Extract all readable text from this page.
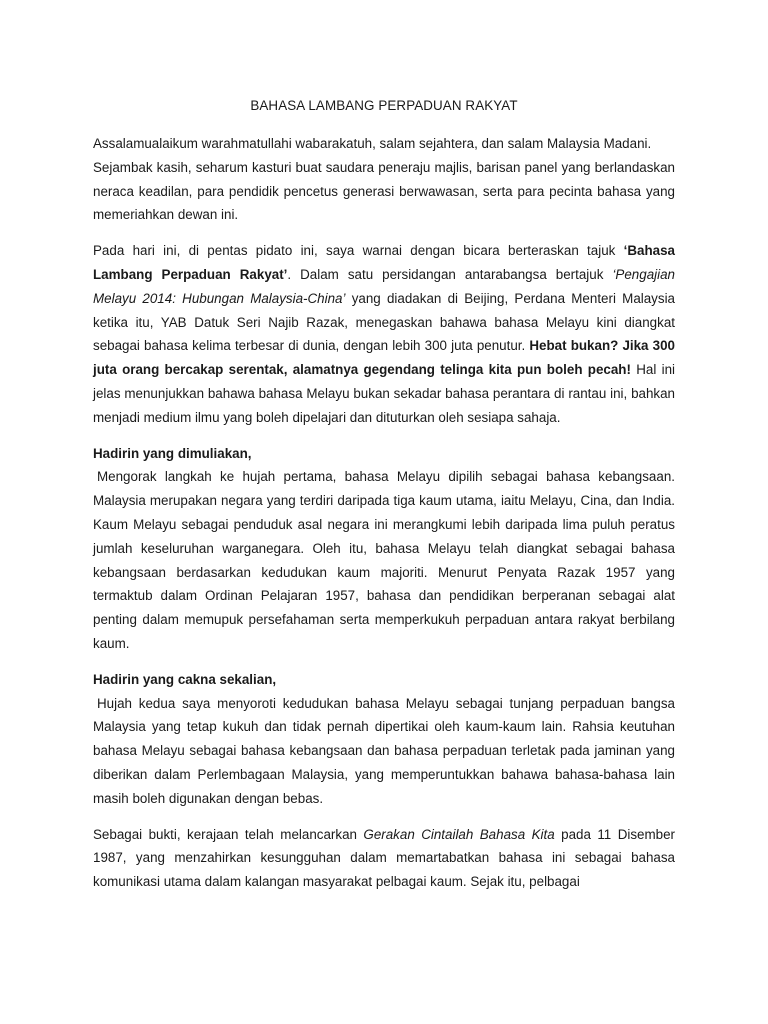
BAHASA LAMBANG PERPADUAN RAKYAT

Assalamualaikum warahmatullahi wabarakatuh, salam sejahtera, dan salam Malaysia Madani.

Sejambak kasih, seharum kasturi buat saudara peneraju majlis, barisan panel yang berlandaskan neraca keadilan, para pendidik pencetus generasi berwawasan, serta para pecinta bahasa yang memeriahkan dewan ini.

Pada hari ini, di pentas pidato ini, saya warnai dengan bicara berteraskan tajuk ‘Bahasa Lambang Perpaduan Rakyat’. Dalam satu persidangan antarabangsa bertajuk ‘Pengajian Melayu 2014: Hubungan Malaysia-China’ yang diadakan di Beijing, Perdana Menteri Malaysia ketika itu, YAB Datuk Seri Najib Razak, menegaskan bahawa bahasa Melayu kini diangkat sebagai bahasa kelima terbesar di dunia, dengan lebih 300 juta penutur. Hebat bukan? Jika 300 juta orang bercakap serentak, alamatnya gegendang telinga kita pun boleh pecah! Hal ini jelas menunjukkan bahawa bahasa Melayu bukan sekadar bahasa perantara di rantau ini, bahkan menjadi medium ilmu yang boleh dipelajari dan dituturkan oleh sesiapa sahaja.

Hadirin yang dimuliakan,

Mengorak langkah ke hujah pertama, bahasa Melayu dipilih sebagai bahasa kebangsaan. Malaysia merupakan negara yang terdiri daripada tiga kaum utama, iaitu Melayu, Cina, dan India. Kaum Melayu sebagai penduduk asal negara ini merangkumi lebih daripada lima puluh peratus jumlah keseluruhan warganegara. Oleh itu, bahasa Melayu telah diangkat sebagai bahasa kebangsaan berdasarkan kedudukan kaum majoriti. Menurut Penyata Razak 1957 yang termaktub dalam Ordinan Pelajaran 1957, bahasa dan pendidikan berperanan sebagai alat penting dalam memupuk persefahaman serta memperkukuh perpaduan antara rakyat berbilang kaum.

Hadirin yang cakna sekalian,

Hujah kedua saya menyoroti kedudukan bahasa Melayu sebagai tunjang perpaduan bangsa Malaysia yang tetap kukuh dan tidak pernah dipertikai oleh kaum-kaum lain. Rahsia keutuhan bahasa Melayu sebagai bahasa kebangsaan dan bahasa perpaduan terletak pada jaminan yang diberikan dalam Perlembagaan Malaysia, yang memperuntukkan bahawa bahasa-bahasa lain masih boleh digunakan dengan bebas.

Sebagai bukti, kerajaan telah melancarkan Gerakan Cintailah Bahasa Kita pada 11 Disember 1987, yang menzahirkan kesungguhan dalam memartabatkan bahasa ini sebagai bahasa komunikasi utama dalam kalangan masyarakat pelbagai kaum. Sejak itu, pelbagai
